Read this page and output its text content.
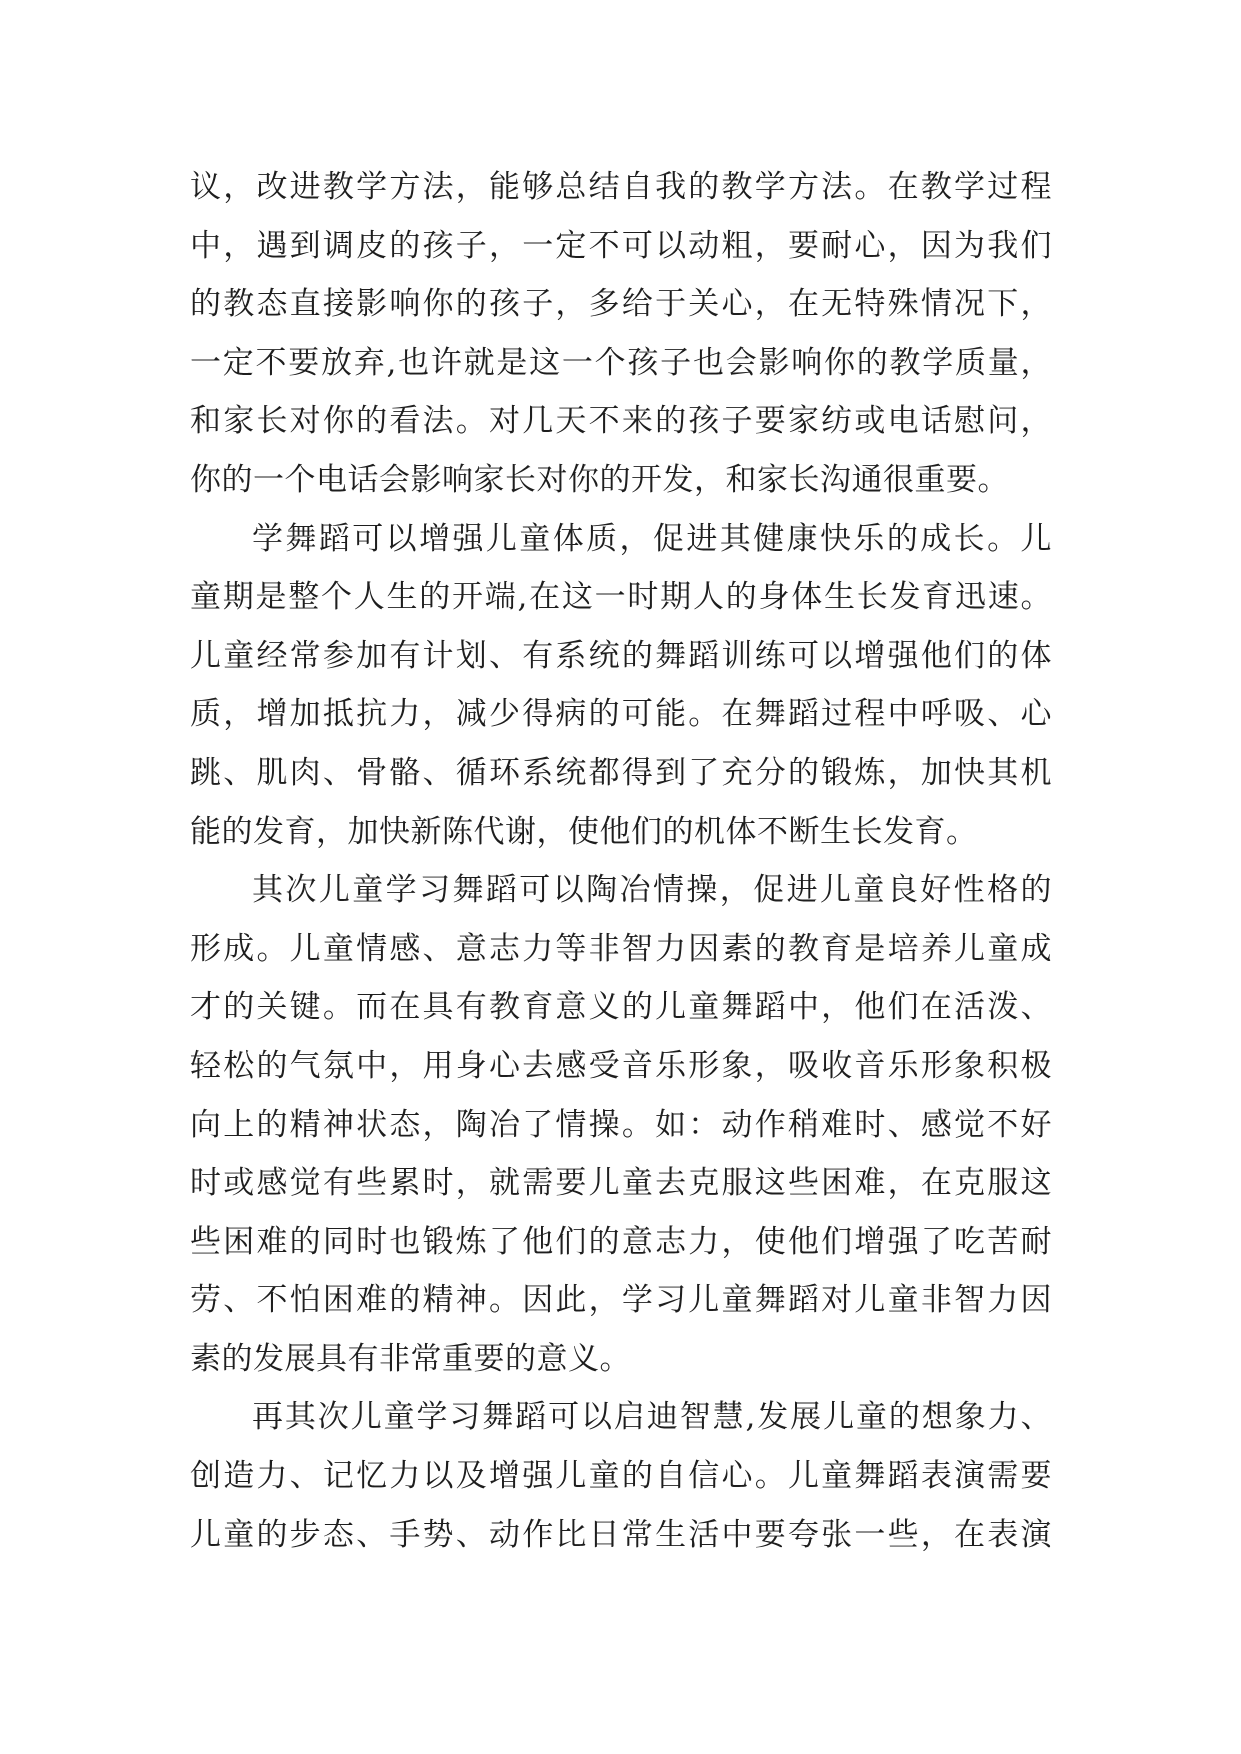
议，改进教学方法，能够总结自我的教学方法。在教学过程
中，遇到调皮的孩子，一定不可以动粗，要耐心，因为我们
的教态直接影响你的孩子，多给于关心，在无特殊情况下，
一定不要放弃,也许就是这一个孩子也会影响你的教学质量，
和家长对你的看法。对几天不来的孩子要家纺或电话慰问，
你的一个电话会影响家长对你的开发，和家长沟通很重要。
学舞蹈可以增强儿童体质，促进其健康快乐的成长。儿
童期是整个人生的开端,在这一时期人的身体生长发育迅速。
儿童经常参加有计划、有系统的舞蹈训练可以增强他们的体
质，增加抵抗力，减少得病的可能。在舞蹈过程中呼吸、心
跳、肌肉、骨骼、循环系统都得到了充分的锻炼，加快其机
能的发育，加快新陈代谢，使他们的机体不断生长发育。
其次儿童学习舞蹈可以陶冶情操，促进儿童良好性格的
形成。儿童情感、意志力等非智力因素的教育是培养儿童成
才的关键。而在具有教育意义的儿童舞蹈中，他们在活泼、
轻松的气氛中，用身心去感受音乐形象，吸收音乐形象积极
向上的精神状态，陶冶了情操。如：动作稍难时、感觉不好
时或感觉有些累时，就需要儿童去克服这些困难，在克服这
些困难的同时也锻炼了他们的意志力，使他们增强了吃苦耐
劳、不怕困难的精神。因此，学习儿童舞蹈对儿童非智力因
素的发展具有非常重要的意义。
再其次儿童学习舞蹈可以启迪智慧,发展儿童的想象力、
创造力、记忆力以及增强儿童的自信心。儿童舞蹈表演需要
儿童的步态、手势、动作比日常生活中要夸张一些，在表演
